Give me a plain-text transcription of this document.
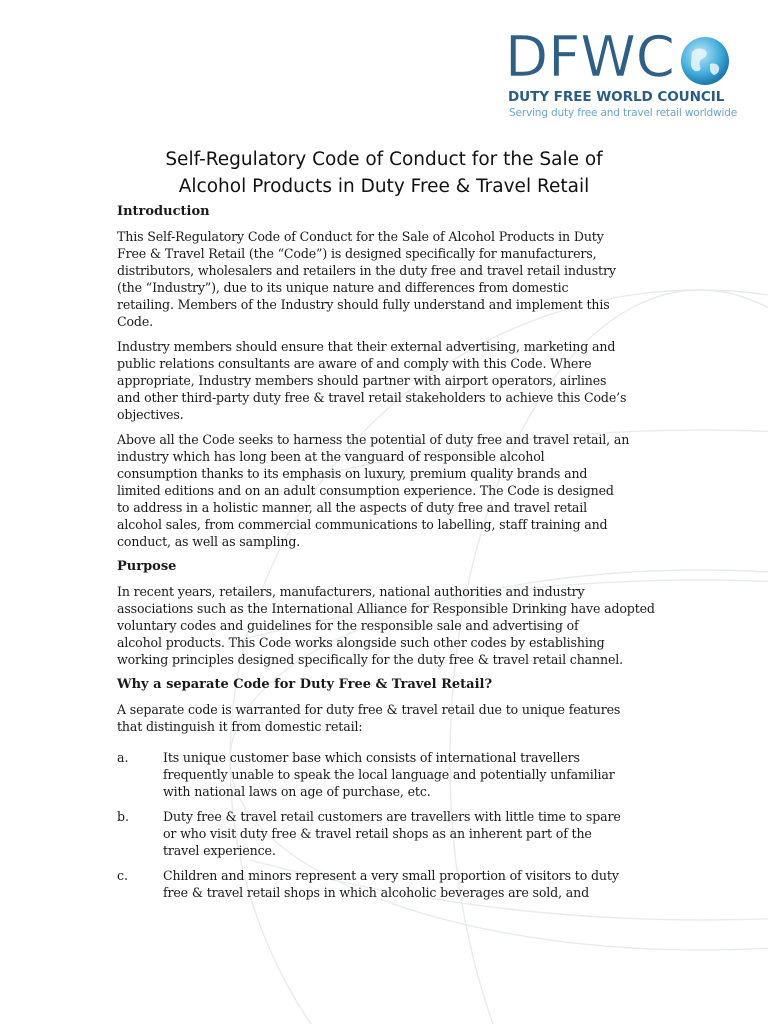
DFWC
DUTY FREE WORLD COUNCIL
Serving duty free and travel retail worldwide
Self-Regulatory Code of Conduct for the Sale of
Alcohol Products in Duty Free & Travel Retail
Introduction
This Self-Regulatory Code of Conduct for the Sale of Alcohol Products in Duty
Free & Travel Retail (the “Code”) is designed specifically for manufacturers,
distributors, wholesalers and retailers in the duty free and travel retail industry
(the “Industry”), due to its unique nature and differences from domestic
retailing. Members of the Industry should fully understand and implement this
Code.
Industry members should ensure that their external advertising, marketing and
public relations consultants are aware of and comply with this Code. Where
appropriate, Industry members should partner with airport operators, airlines
and other third-party duty free & travel retail stakeholders to achieve this Code’s
objectives.
Above all the Code seeks to harness the potential of duty free and travel retail, an
industry which has long been at the vanguard of responsible alcohol
consumption thanks to its emphasis on luxury, premium quality brands and
limited editions and on an adult consumption experience. The Code is designed
to address in a holistic manner, all the aspects of duty free and travel retail
alcohol sales, from commercial communications to labelling, staff training and
conduct, as well as sampling.
Purpose
In recent years, retailers, manufacturers, national authorities and industry
associations such as the International Alliance for Responsible Drinking have adopted
voluntary codes and guidelines for the responsible sale and advertising of
alcohol products. This Code works alongside such other codes by establishing
working principles designed specifically for the duty free & travel retail channel.
Why a separate Code for Duty Free & Travel Retail?
A separate code is warranted for duty free & travel retail due to unique features
that distinguish it from domestic retail:
a.	Its unique customer base which consists of international travellers
frequently unable to speak the local language and potentially unfamiliar
with national laws on age of purchase, etc.
b.	Duty free & travel retail customers are travellers with little time to spare
or who visit duty free & travel retail shops as an inherent part of the
travel experience.
c.	Children and minors represent a very small proportion of visitors to duty
free & travel retail shops in which alcoholic beverages are sold, and
